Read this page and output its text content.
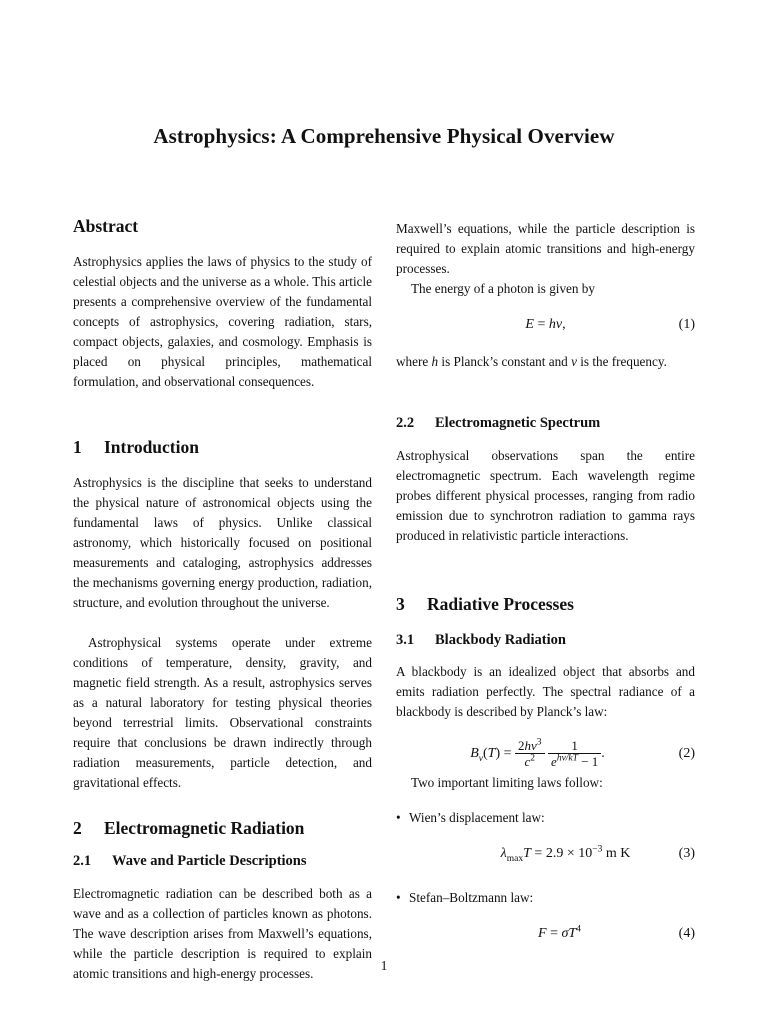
Astrophysics: A Comprehensive Physical Overview
Abstract

Astrophysics applies the laws of physics to the study of celestial objects and the universe as a whole. This article presents a comprehensive overview of the fundamental concepts of astrophysics, covering radiation, stars, compact objects, galaxies, and cosmology. Emphasis is placed on physical principles, mathematical formulation, and observational consequences.

1 Introduction

Astrophysics is the discipline that seeks to understand the physical nature of astronomical objects using the fundamental laws of physics. Unlike classical astronomy, which historically focused on positional measurements and cataloging, astrophysics addresses the mechanisms governing energy production, radiation, structure, and evolution throughout the universe.

Astrophysical systems operate under extreme conditions of temperature, density, gravity, and magnetic field strength. As a result, astrophysics serves as a natural laboratory for testing physical theories beyond terrestrial limits. Observational constraints require that conclusions be drawn indirectly through radiation measurements, particle detection, and gravitational effects.

2 Electromagnetic Radiation
2.1 Wave and Particle Descriptions

Electromagnetic radiation can be described both as a wave and as a collection of particles known as photons. The wave description arises from Maxwell’s equations, while the particle description is required to explain atomic transitions and high-energy processes.

Maxwell’s equations, while the particle description is required to explain atomic transitions and high-energy processes.

The energy of a photon is given by

E = hν,	(1)

where h is Planck’s constant and ν is the frequency.

2.2 Electromagnetic Spectrum

Astrophysical observations span the entire electromagnetic spectrum. Each wavelength regime probes different physical processes, ranging from radio emission due to synchrotron radiation to gamma rays produced in relativistic particle interactions.

3 Radiative Processes
3.1 Blackbody Radiation

A blackbody is an idealized object that absorbs and emits radiation perfectly. The spectral radiance of a blackbody is described by Planck’s law:

$B_\nu(T) = \frac{2h\nu^3}{c^2}$
$\frac{1}{e^{h\nu/kT} - 1}$ .	(2)

Two important limiting laws follow:

• Wien’s displacement law:
$\lambda_{max}T = 2.9 \times 10^{-3}$ m K	(3)
• Stefan–Boltzmann law:
$F = \sigma T^4$	(4)
1
